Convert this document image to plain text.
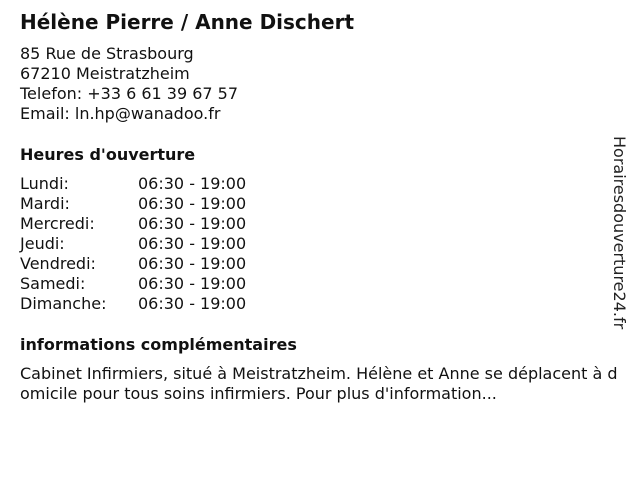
Hélène Pierre / Anne Dischert
85 Rue de Strasbourg
67210 Meistratzheim
Telefon: +33 6 61 39 67 57
Email: ln.hp@wanadoo.fr
Heures d'ouverture
Lundi:	06:30 - 19:00
Mardi:	06:30 - 19:00
Mercredi:	06:30 - 19:00
Jeudi:	06:30 - 19:00
Vendredi:	06:30 - 19:00
Samedi:	06:30 - 19:00
Dimanche:	06:30 - 19:00
informations complémentaires
Cabinet Infirmiers, situé à Meistratzheim. Hélène et Anne se déplacent à domicile pour tous soins infirmiers. Pour plus d'information...
Horairesdouverture24.fr
